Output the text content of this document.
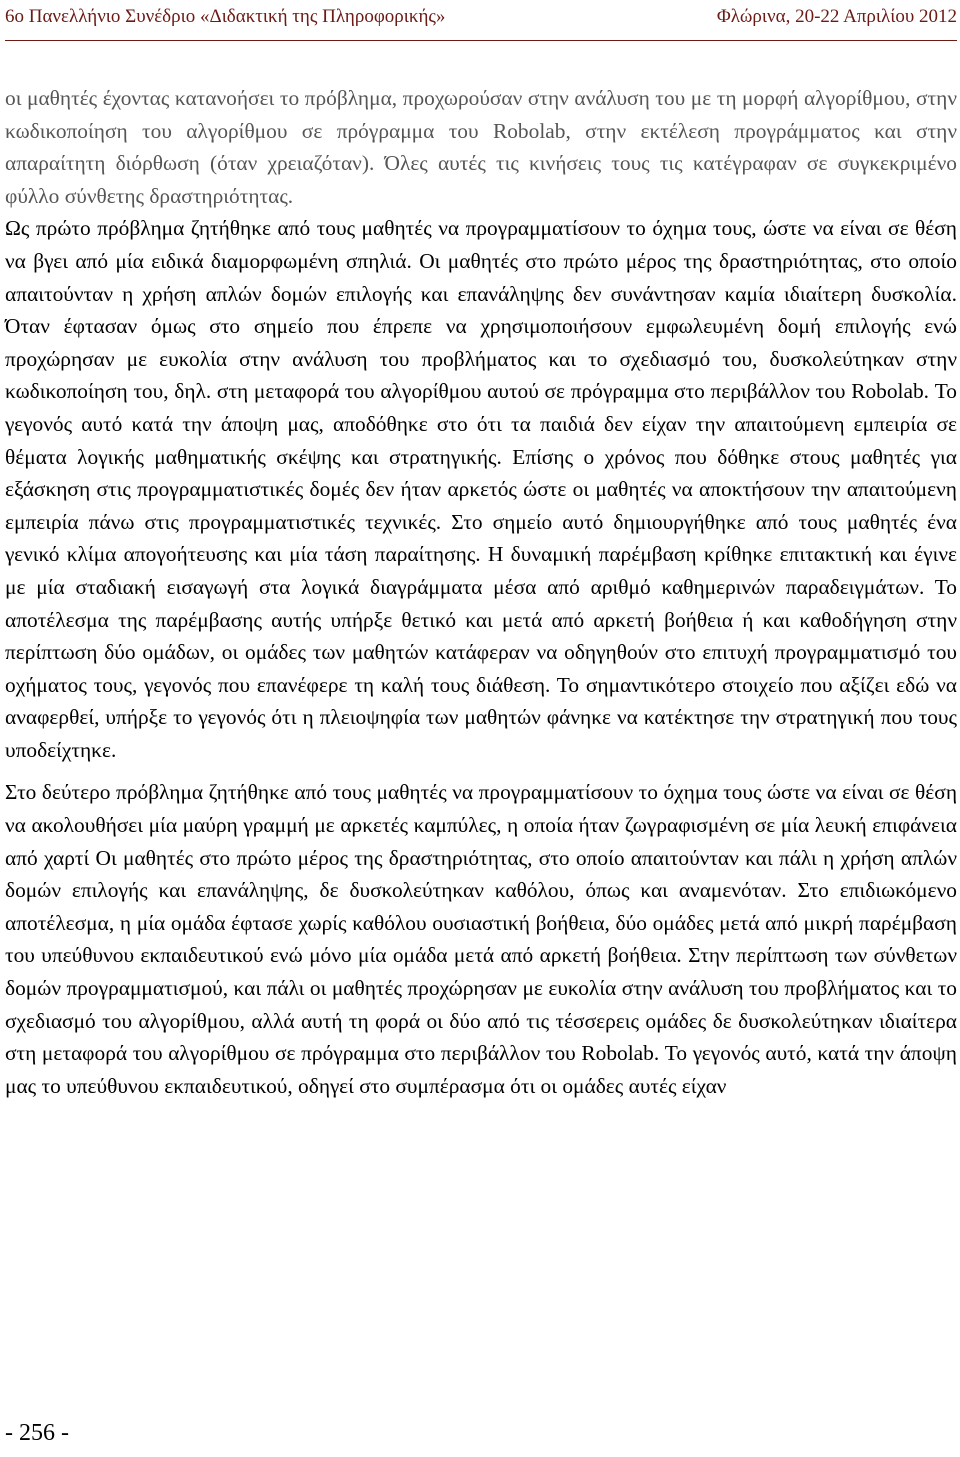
6ο Πανελλήνιο Συνέδριο «Διδακτική της Πληροφορικής»	Φλώρινα, 20-22 Απριλίου 2012

οι μαθητές έχοντας κατανοήσει το πρόβλημα, προχωρούσαν στην ανάλυση του με τη μορφή αλγορίθμου, στην κωδικοποίηση του αλγορίθμου σε πρόγραμμα του Robolab, στην εκτέλεση προγράμματος και στην απαραίτητη διόρθωση (όταν χρειαζόταν). Όλες αυτές τις κινήσεις τους τις κατέγραφαν σε συγκεκριμένο φύλλο σύνθετης δραστηριότητας.

Ως πρώτο πρόβλημα ζητήθηκε από τους μαθητές να προγραμματίσουν το όχημα τους, ώστε να είναι σε θέση να βγει από μία ειδικά διαμορφωμένη σπηλιά. Οι μαθητές στο πρώτο μέρος της δραστηριότητας, στο οποίο απαιτούνταν η χρήση απλών δομών επιλογής και επανάληψης δεν συνάντησαν καμία ιδιαίτερη δυσκολία. Όταν έφτασαν όμως στο σημείο που έπρεπε να χρησιμοποιήσουν εμφωλευμένη δομή επιλογής ενώ προχώρησαν με ευκολία στην ανάλυση του προβλήματος και το σχεδιασμό του, δυσκολεύτηκαν στην κωδικοποίηση του, δηλ. στη μεταφορά του αλγορίθμου αυτού σε πρόγραμμα στο περιβάλλον του Robolab. Το γεγονός αυτό κατά την άποψη μας, αποδόθηκε στο ότι τα παιδιά δεν είχαν την απαιτούμενη εμπειρία σε θέματα λογικής μαθηματικής σκέψης και στρατηγικής. Επίσης ο χρόνος που δόθηκε στους μαθητές για εξάσκηση στις προγραμματιστικές δομές δεν ήταν αρκετός ώστε οι μαθητές να αποκτήσουν την απαιτούμενη εμπειρία πάνω στις προγραμματιστικές τεχνικές. Στο σημείο αυτό δημιουργήθηκε από τους μαθητές ένα γενικό κλίμα απογοήτευσης και μία τάση παραίτησης. Η δυναμική παρέμβαση κρίθηκε επιτακτική και έγινε με μία σταδιακή εισαγωγή στα λογικά διαγράμματα μέσα από αριθμό καθημερινών παραδειγμάτων. Το αποτέλεσμα της παρέμβασης αυτής υπήρξε θετικό και μετά από αρκετή βοήθεια ή και καθοδήγηση στην περίπτωση δύο ομάδων, οι ομάδες των μαθητών κατάφεραν να οδηγηθούν στο επιτυχή προγραμματισμό του οχήματος τους, γεγονός που επανέφερε τη καλή τους διάθεση. Το σημαντικότερο στοιχείο που αξίζει εδώ να αναφερθεί, υπήρξε το γεγονός ότι η πλειοψηφία των μαθητών φάνηκε να κατέκτησε την στρατηγική που τους υποδείχτηκε.

Στο δεύτερο πρόβλημα ζητήθηκε από τους μαθητές να προγραμματίσουν το όχημα τους ώστε να είναι σε θέση να ακολουθήσει μία μαύρη γραμμή με αρκετές καμπύλες, η οποία ήταν ζωγραφισμένη σε μία λευκή επιφάνεια από χαρτί Οι μαθητές στο πρώτο μέρος της δραστηριότητας, στο οποίο απαιτούνταν και πάλι η χρήση απλών δομών επιλογής και επανάληψης, δε δυσκολεύτηκαν καθόλου, όπως και αναμενόταν. Στο επιδιωκόμενο αποτέλεσμα, η μία ομάδα έφτασε χωρίς καθόλου ουσιαστική βοήθεια, δύο ομάδες μετά από μικρή παρέμβαση του υπεύθυνου εκπαιδευτικού ενώ μόνο μία ομάδα μετά από αρκετή βοήθεια. Στην περίπτωση των σύνθετων δομών προγραμματισμού, και πάλι οι μαθητές προχώρησαν με ευκολία στην ανάλυση του προβλήματος και το σχεδιασμό του αλγορίθμου, αλλά αυτή τη φορά οι δύο από τις τέσσερεις ομάδες δε δυσκολεύτηκαν ιδιαίτερα στη μεταφορά του αλγορίθμου σε πρόγραμμα στο περιβάλλον του Robolab. Το γεγονός αυτό, κατά την άποψη μας το υπεύθυνου εκπαιδευτικού, οδηγεί στο συμπέρασμα ότι οι ομάδες αυτές είχαν

- 256 -
